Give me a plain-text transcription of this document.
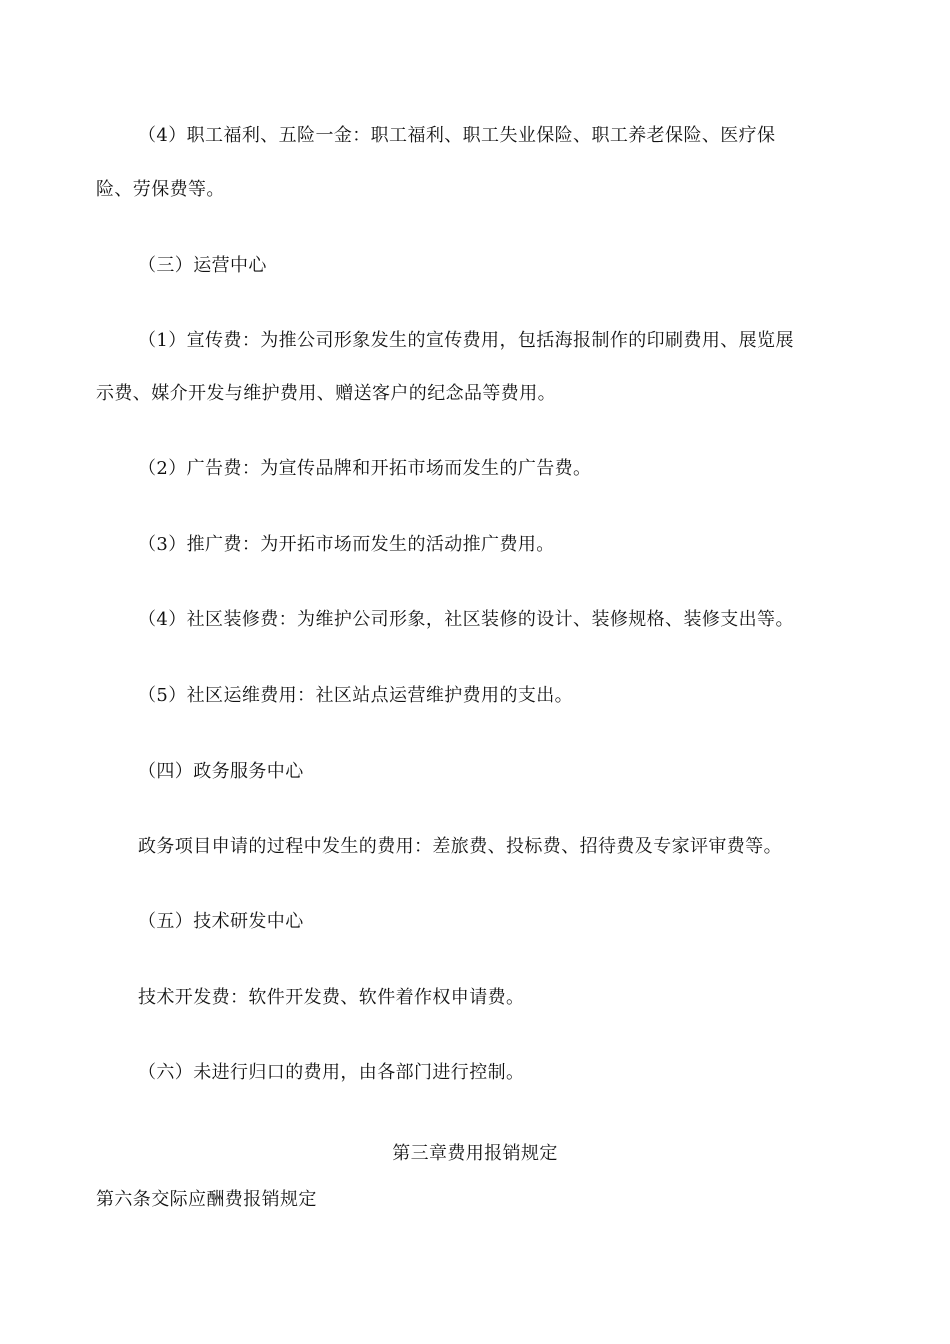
（4）职工福利、五险一金：职工福利、职工失业保险、职工养老保险、医疗保
险、劳保费等。
（三）运营中心
（1）宣传费：为推公司形象发生的宣传费用，包括海报制作的印刷费用、展览展
示费、媒介开发与维护费用、赠送客户的纪念品等费用。
（2）广告费：为宣传品牌和开拓市场而发生的广告费。
（3）推广费：为开拓市场而发生的活动推广费用。
（4）社区装修费：为维护公司形象，社区装修的设计、装修规格、装修支出等。
（5）社区运维费用：社区站点运营维护费用的支出。
（四）政务服务中心
政务项目申请的过程中发生的费用：差旅费、投标费、招待费及专家评审费等。
（五）技术研发中心
技术开发费：软件开发费、软件着作权申请费。
（六）未进行归口的费用，由各部门进行控制。
第三章费用报销规定
第六条交际应酬费报销规定
